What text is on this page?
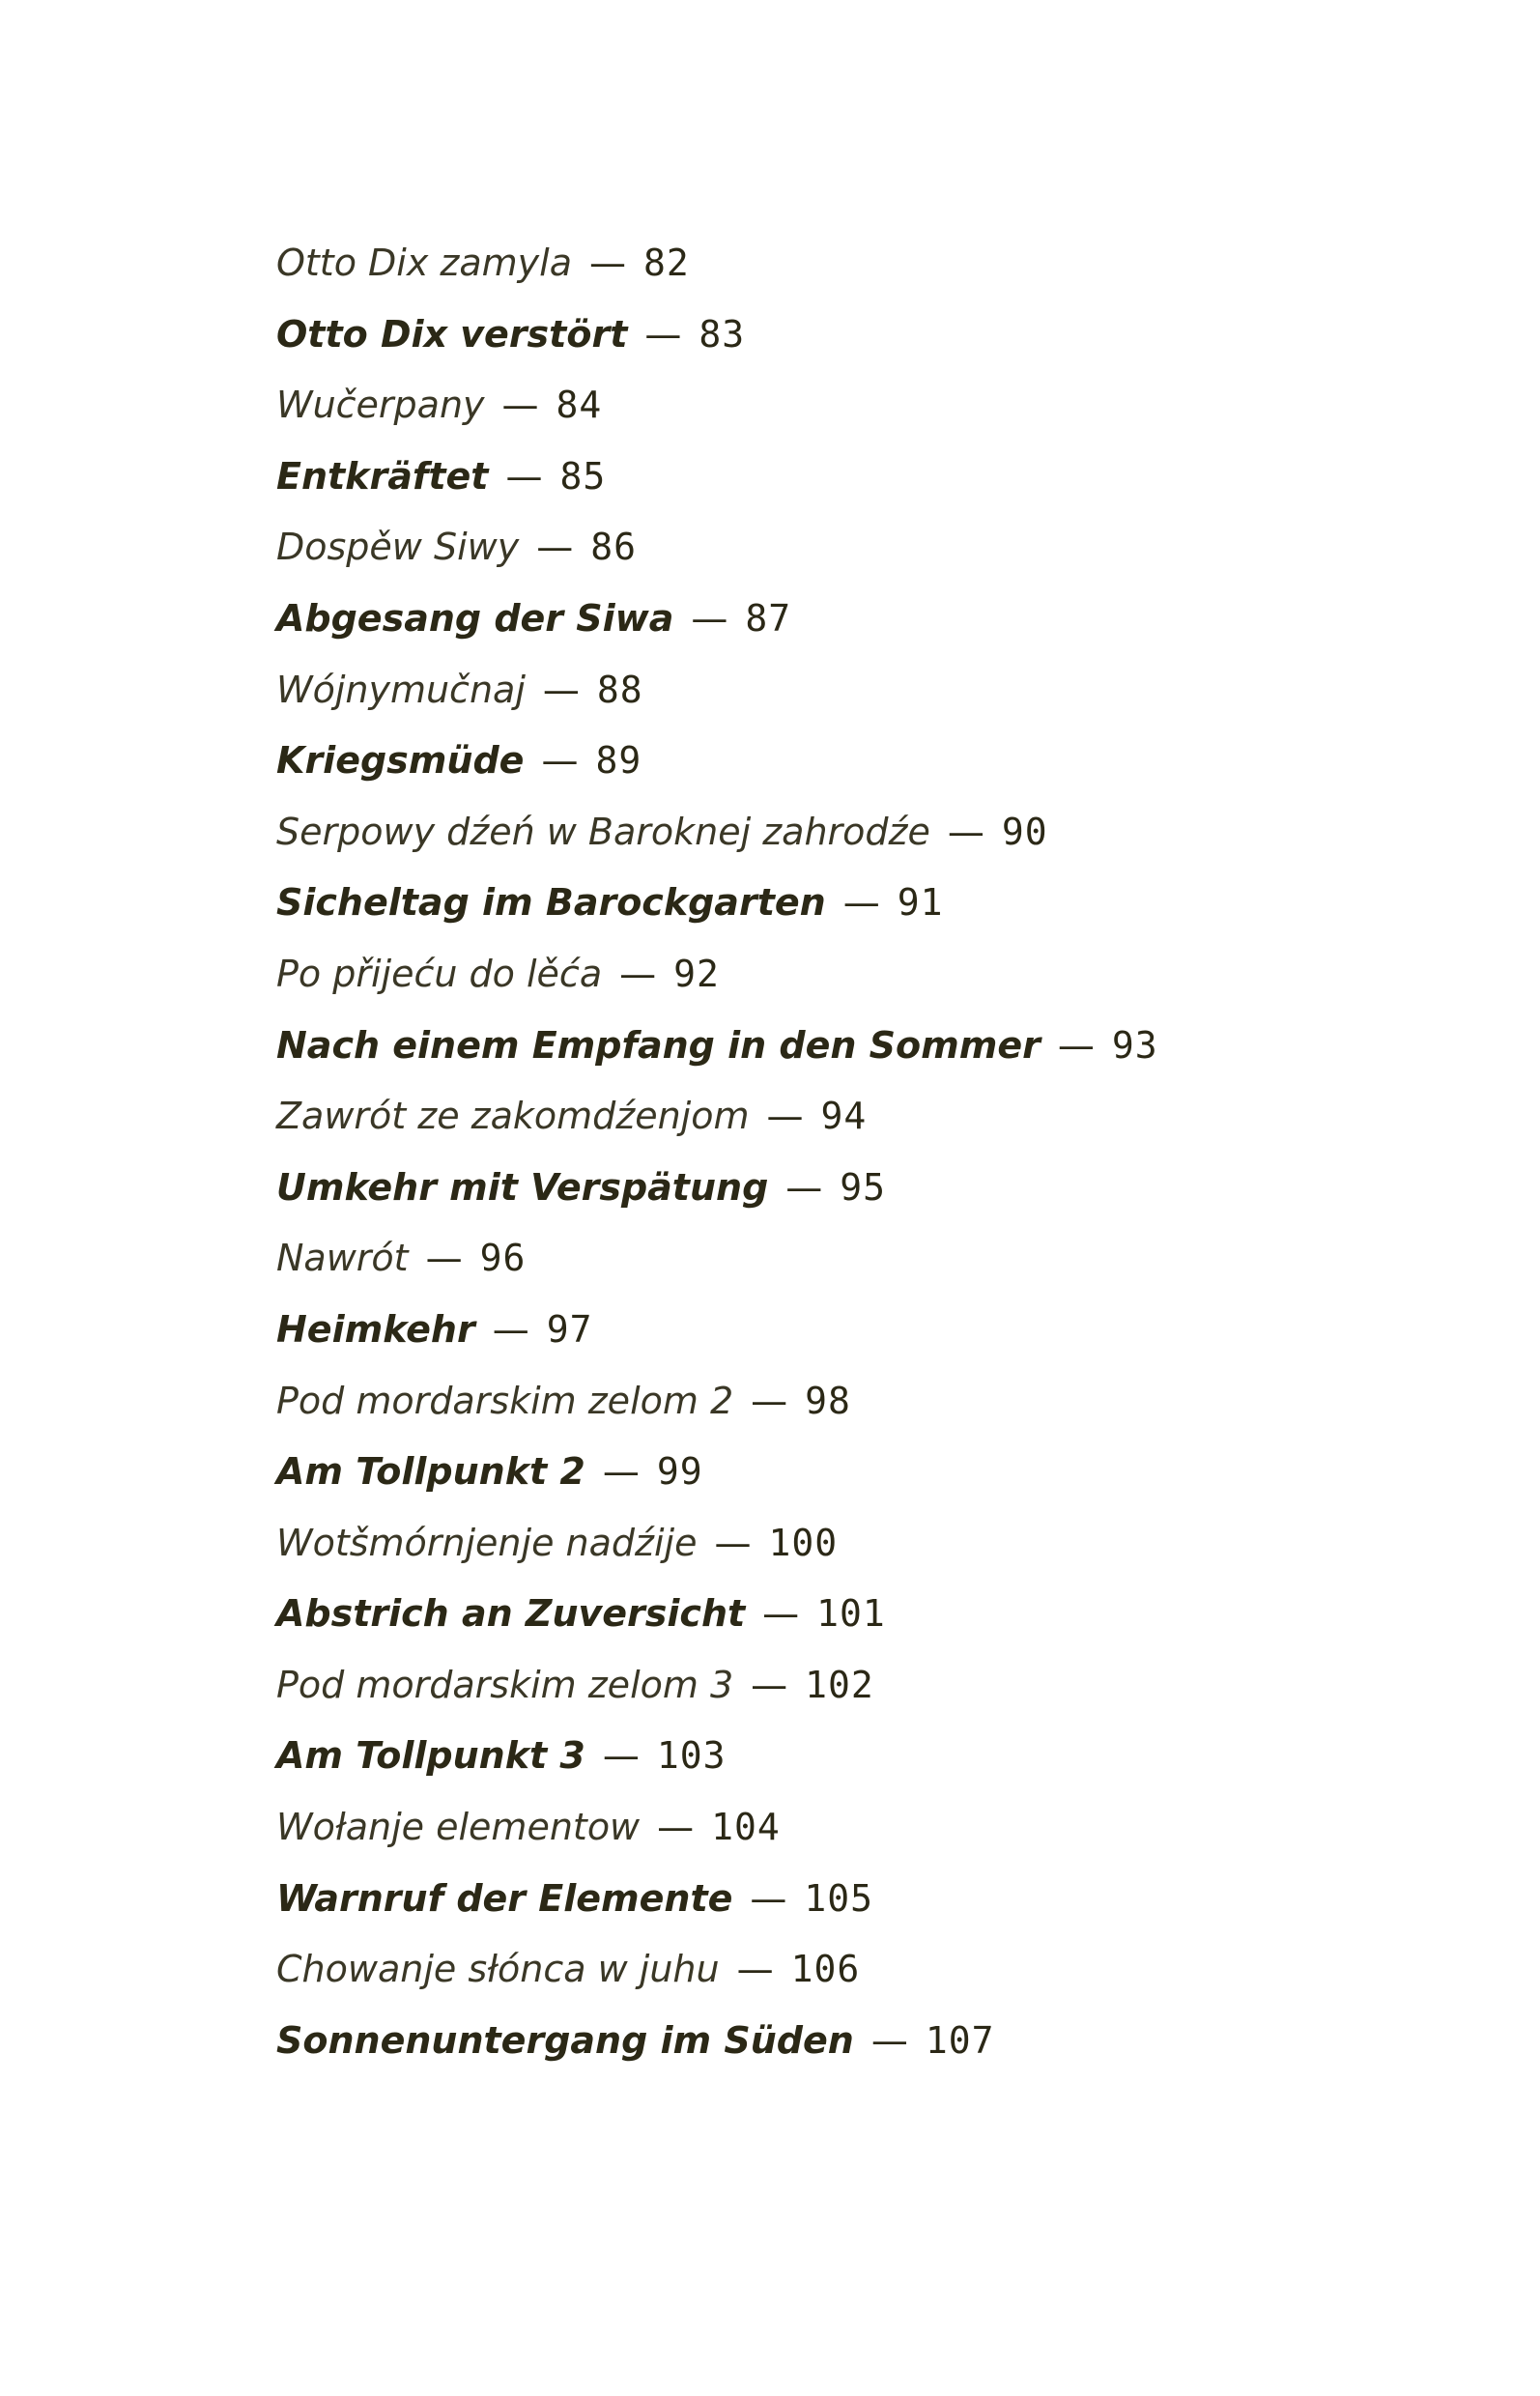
Otto Dix zamyla — 82
Otto Dix verstört — 83
Wučerpany — 84
Entkräftet — 85
Dospěw Siwy — 86
Abgesang der Siwa — 87
Wójnymučnaj — 88
Kriegsmüde — 89
Serpowy dźeń w Baroknej zahrodźe — 90
Sicheltag im Barockgarten — 91
Po přijeću do lěća — 92
Nach einem Empfang in den Sommer — 93
Zawrót ze zakomdźenjom — 94
Umkehr mit Verspätung — 95
Nawrót — 96
Heimkehr — 97
Pod mordarskim zelom 2 — 98
Am Tollpunkt 2 — 99
Wotšmórnjenje nadźije — 100
Abstrich an Zuversicht — 101
Pod mordarskim zelom 3 — 102
Am Tollpunkt 3 — 103
Wołanje elementow — 104
Warnruf der Elemente — 105
Chowanje słónca w juhu — 106
Sonnenuntergang im Süden — 107
